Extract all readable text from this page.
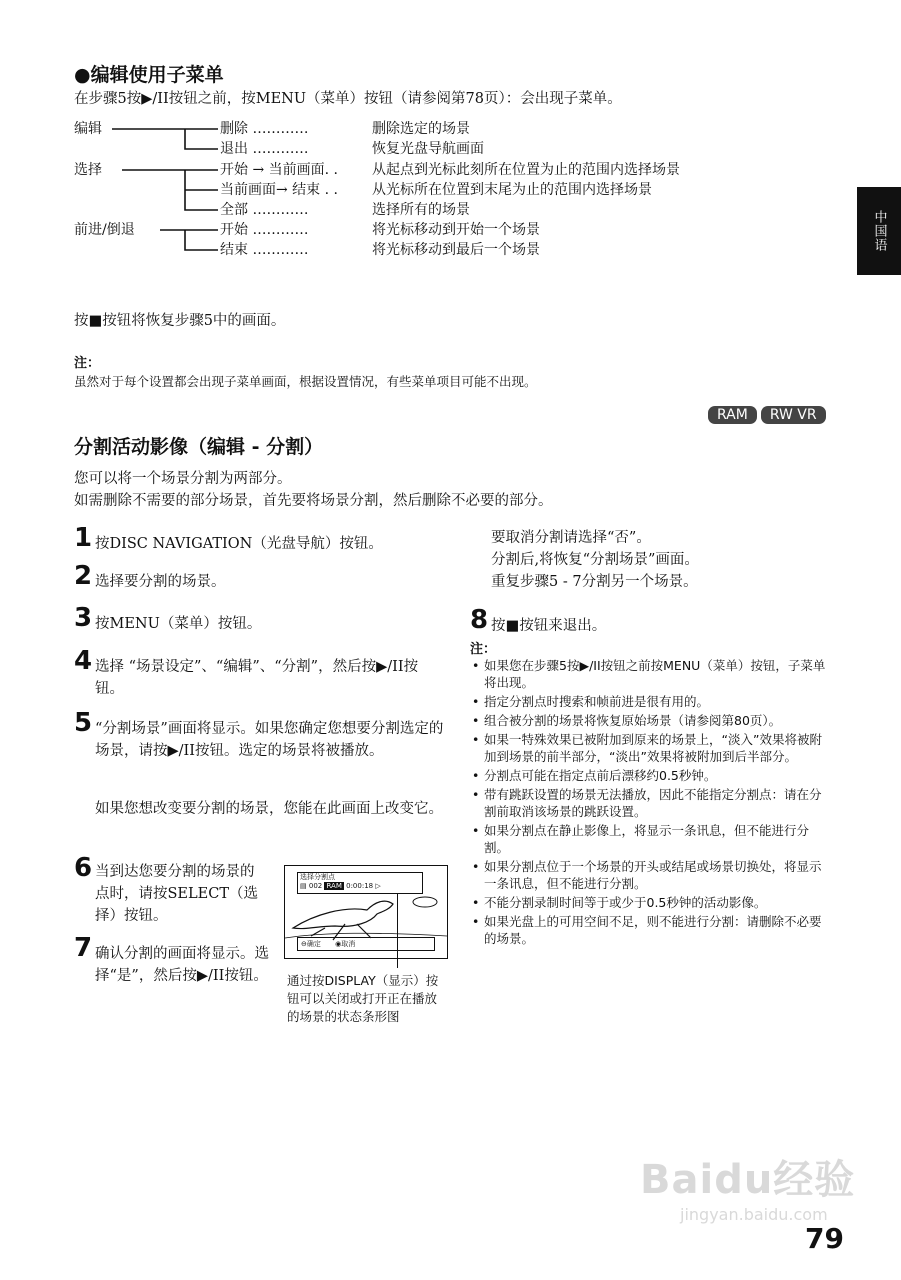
中国语
●编辑使用子菜单
在步骤5按▶/II按钮之前，按MENU（菜单）按钮（请参阅第78页）：会出现子菜单。
编辑
选择
前进/倒退
删除 …………
退出 …………
开始 → 当前画面. .
当前画面→ 结束 . .
全部 …………
开始 …………
结束 …………
删除选定的场景
恢复光盘导航画面
从起点到光标此刻所在位置为止的范围内选择场景
从光标所在位置到末尾为止的范围内选择场景
选择所有的场景
将光标移动到开始一个场景
将光标移动到最后一个场景
按■按钮将恢复步骤5中的画面。
注：
虽然对于每个设置都会出现子菜单画面，根据设置情况，有些菜单项目可能不出现。
RAM RW VR
分割活动影像（编辑 - 分割）
您可以将一个场景分割为两部分。
如需删除不需要的部分场景，首先要将场景分割，然后删除不必要的部分。
1 按DISC NAVIGATION（光盘导航）按钮。
2 选择要分割的场景。
3 按MENU（菜单）按钮。
4 选择 “场景设定”、“编辑”、“分割”，然后按▶/II按钮。
5 “分割场景”画面将显示。如果您确定您想要分割选定的场景，请按▶/II按钮。选定的场景将被播放。
如果您想改变要分割的场景，您能在此画面上改变它。
6 当到达您要分割的场景的点时，请按SELECT（选择）按钮。
7 确认分割的画面将显示。选择“是”，然后按▶/II按钮。
选择分割点
▤ 002 RAM 0:00:18 ▷
⊖确定 ◉取消
通过按DISPLAY（显示）按钮可以关闭或打开正在播放的场景的状态条形图
要取消分割请选择“否”。
分割后,将恢复“分割场景”画面。
重复步骤5 - 7分割另一个场景。
8 按■按钮来退出。
注：
• 如果您在步骤5按▶/II按钮之前按MENU（菜单）按钮，子菜单将出现。
• 指定分割点时搜索和帧前进是很有用的。
• 组合被分割的场景将恢复原始场景（请参阅第80页）。
• 如果一特殊效果已被附加到原来的场景上，“淡入”效果将被附加到场景的前半部分，“淡出”效果将被附加到后半部分。
• 分割点可能在指定点前后漂移约0.5秒钟。
• 带有跳跃设置的场景无法播放，因此不能指定分割点：请在分割前取消该场景的跳跃设置。
• 如果分割点在静止影像上，将显示一条讯息，但不能进行分割。
• 如果分割点位于一个场景的开头或结尾或场景切换处，将显示一条讯息，但不能进行分割。
• 不能分割录制时间等于或少于0.5秒钟的活动影像。
• 如果光盘上的可用空间不足，则不能进行分割：请删除不必要的场景。
Baidu经验
jingyan.baidu.com
79
